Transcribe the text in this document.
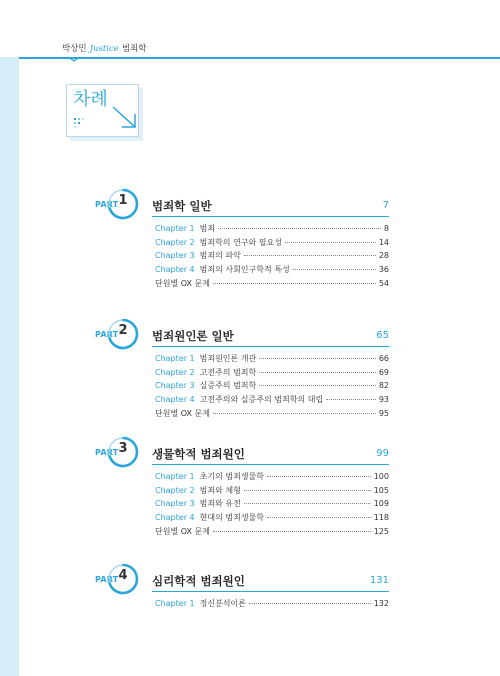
박상민 Justice 범죄학
차례
PART 1	범죄학 일반	7
Chapter 1 범죄	8
Chapter 2 범죄학의 연구와 필요성	14
Chapter 3 범죄의 파악	28
Chapter 4 범죄의 사회인구학적 특성	36
단원별 OX 문제	54
PART 2	범죄원인론 일반	65
Chapter 1 범죄원인론 개관	66
Chapter 2 고전주의 범죄학	69
Chapter 3 실증주의 범죄학	82
Chapter 4 고전주의와 실증주의 범죄학의 대립	93
단원별 OX 문제	95
PART 3	생물학적 범죄원인	99
Chapter 1 초기의 범죄생물학	100
Chapter 2 범죄와 체형	105
Chapter 3 범죄와 유전	109
Chapter 4 현대의 범죄생물학	118
단원별 OX 문제	125
PART 4	심리학적 범죄원인	131
Chapter 1 정신분석이론	132
